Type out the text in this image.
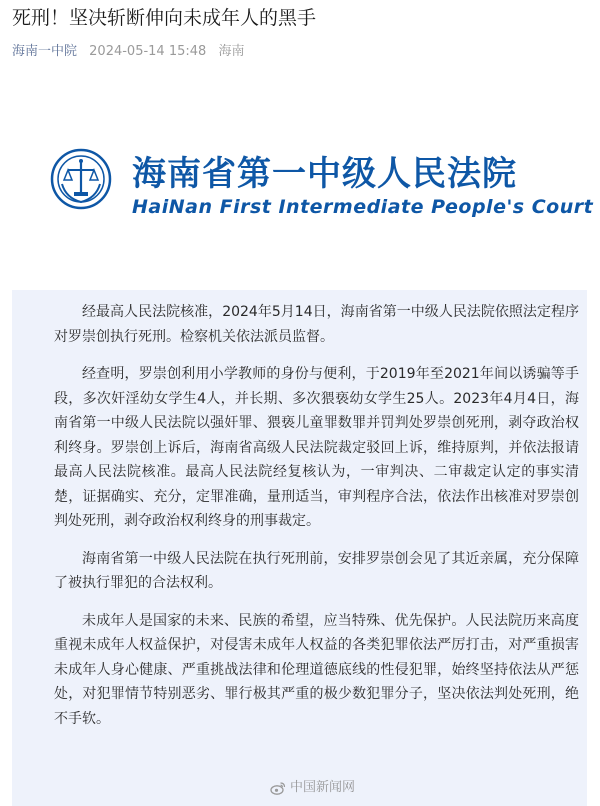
死刑！坚决斩断伸向未成年人的黑手
海南一中院 2024-05-14 15:48 海南
海南省第一中级人民法院
HaiNan First Intermediate People's Court

经最高人民法院核准，2024年5月14日，海南省第一中级人民法院依照法定程序对罗崇创执行死刑。检察机关依法派员监督。

经查明，罗崇创利用小学教师的身份与便利，于2019年至2021年间以诱骗等手段，多次奸淫幼女学生4人，并长期、多次猥亵幼女学生25人。2023年4月4日，海南省第一中级人民法院以强奸罪、猥亵儿童罪数罪并罚判处罗崇创死刑，剥夺政治权利终身。罗崇创上诉后，海南省高级人民法院裁定驳回上诉，维持原判，并依法报请最高人民法院核准。最高人民法院经复核认为，一审判决、二审裁定认定的事实清楚，证据确实、充分，定罪准确，量刑适当，审判程序合法，依法作出核准对罗崇创判处死刑，剥夺政治权利终身的刑事裁定。

海南省第一中级人民法院在执行死刑前，安排罗崇创会见了其近亲属，充分保障了被执行罪犯的合法权利。

未成年人是国家的未来、民族的希望，应当特殊、优先保护。人民法院历来高度重视未成年人权益保护，对侵害未成年人权益的各类犯罪依法严厉打击，对严重损害未成年人身心健康、严重挑战法律和伦理道德底线的性侵犯罪，始终坚持依法从严惩处，对犯罪情节特别恶劣、罪行极其严重的极少数犯罪分子，坚决依法判处死刑，绝不手软。

中国新闻网
